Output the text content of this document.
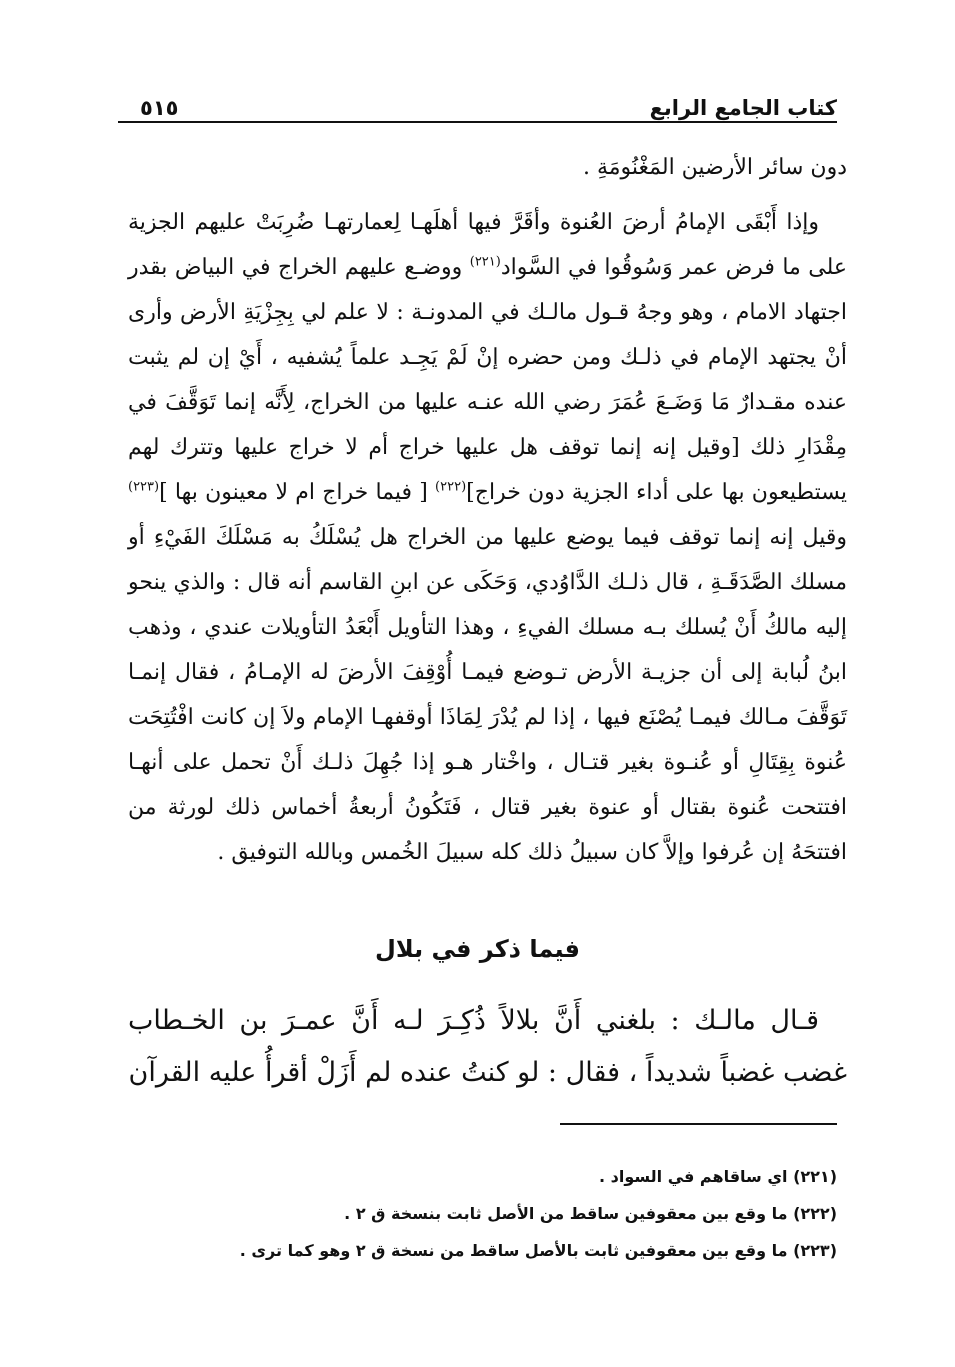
كتاب الجامع الرابع
٥١٥

دون سائر الأرضين المَغْنُومَةِ .

وإذا أَبْقَى الإمامُ أرضَ العُنوة وأقَرَّ فيها أهلَهـا لِعمارتهـا ضُرِبَتْ عليهم الجزية على ما فرض عمر وَسُوقُوا في السَّواد$^{(٢٢١)}$ ووضـع عليهم الخراج في البياض بقدر اجتهاد الامام ، وهو وجهُ قـول مالـك في المدونـة : لا علم لي بِجِزْيَةِ الأرض وأرى أنْ يجتهد الإمام في ذلـك ومن حضره إنْ لَمْ يَجِـد علماً يُشفيه ، أَيْ إن لم يثبت عنده مقـدارٌ مَا وَضَـعَ عُمَرَ رضي الله عنـه عليها من الخراج، لِأَنَّه إنما تَوَقَّفَ في مِقْدَارِ ذلك [وقيل إنه إنما توقف هل عليها خراج أم لا خراج عليها وتترك لهم يستطيعون بها على أداء الجزية دون خراج]$^{(٢٢٢)}$ [ فيما خراج ام لا معينون بها ]$^{(٢٢٣)}$ وقيل إنه إنما توقف فيما يوضع عليها من الخراج هل يُسْلَكُ به مَسْلَكَ الفَيْءِ أو مسلك الصَّدَقَـةِ ، قال ذلـك الدَّاوُدي، وَحَكَى عن ابنِ القاسم أنه قال : والذي ينحو إليه مالكُ أَنْ يُسلك بـه مسلك الفيءِ ، وهذا التأويل أَبْعَدُ التأويلات عندي ، وذهب ابنُ لُبابة إلى أن جزيـة الأرض تـوضع فيمـا أُوْقِفَ الأرضَ له الإمـامُ ، فقال إنمـا تَوَقَّفَ مـالك فيمـا يُصْنَع فيها ، إذا لم يُدْرَ لِمَاذَا أوقفهـا الإمام ولاَ إن كانت افْتُتِحَت عُنوة بِقِتَالِ أو عُنـوة بغير قتـال ، واخْتار هـو إذا جُهِلَ ذلـك أَنْ تحمل على أنهـا افتتحت عُنوة بقتال أو عنوة بغير قتال ، فَتَكُونُ أربعةُ أخماس ذلك لورثة من افتتحَهُ إن عُرفوا وإلاَّ كان سبيلُ ذلك كله سبيلَ الخُمس وبالله التوفيق .

فيما ذكر في بلال

قـال مالـك : بلغني أَنَّ بلالاً ذُكِـرَ لـه أَنَّ عمـرَ بن الخـطاب غضب غضباً شديداً ، فقال : لو كنتُ عنده لم أَزَلْ أقرأُ عليه القرآن

(٢٢١) اي ساقاهم في السواد .

(٢٢٢) ما وقع بين معقوفين ساقط من الأصل ثابت بنسخة ق ٢ .

(٢٢٣) ما وقع بين معقوفين ثابت بالأصل ساقط من نسخة ق ٢ وهو كما ترى .
